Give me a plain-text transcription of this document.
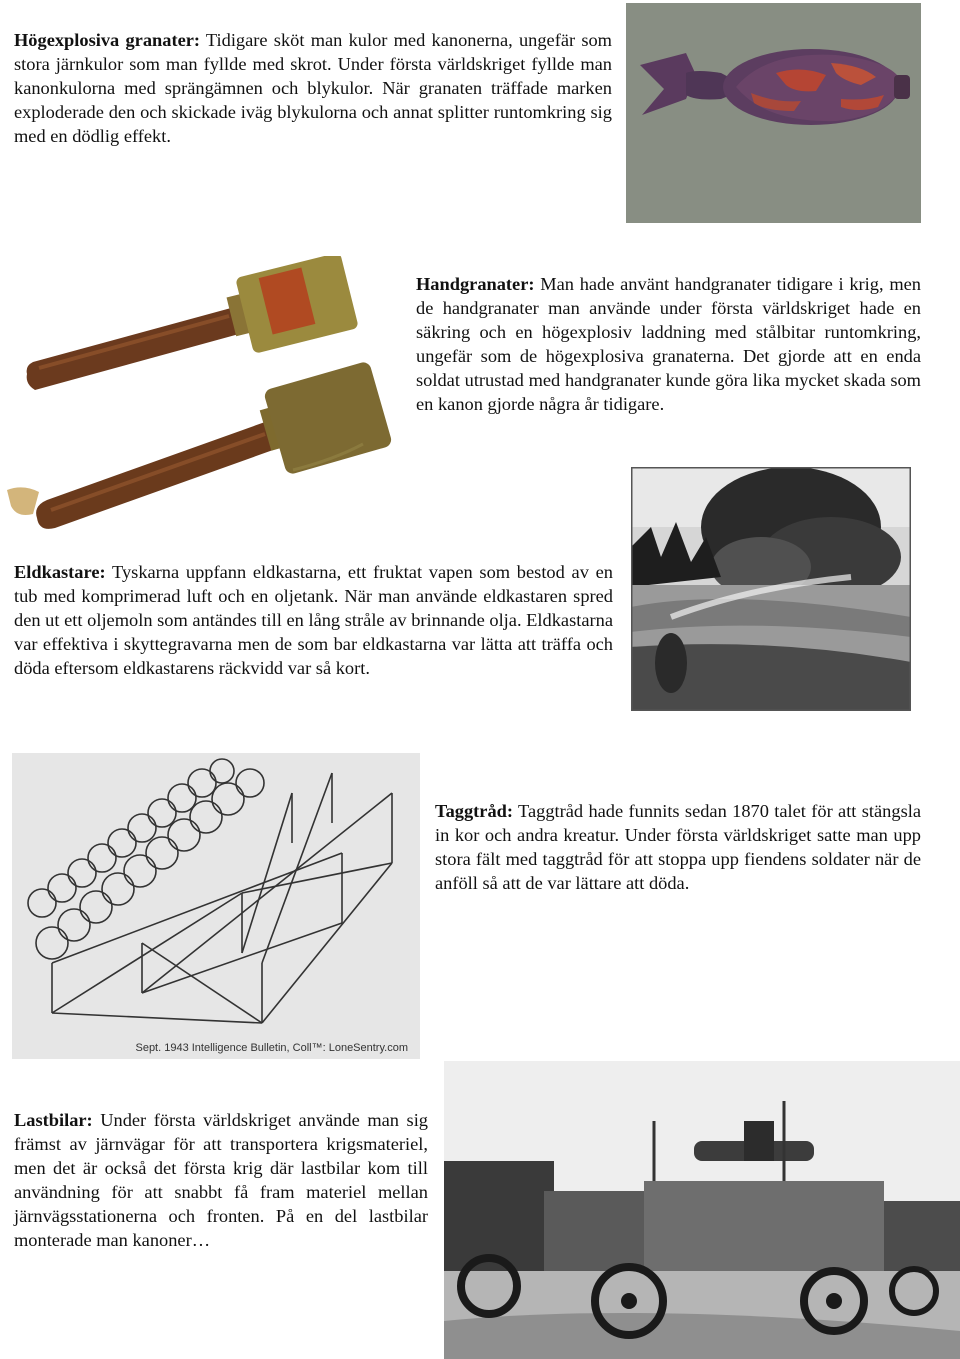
Högexplosiva granater: Tidigare sköt man kulor med kanonerna, ungefär som stora järnkulor som man fyllde med skrot. Under första världskriget fyllde man kanonkulorna med sprängämnen och blykulor. När granaten träffade marken exploderade den och skickade iväg blykulorna och annat splitter runtomkring sig med en dödlig effekt.

Handgranater: Man hade använt handgranater tidigare i krig, men de handgranater man använde under första världskriget hade en säkring och en högexplosiv laddning med stålbitar runtomkring, ungefär som de högexplosiva granaterna. Det gjorde att en enda soldat utrustad med handgranater kunde göra lika mycket skada som en kanon gjorde några år tidigare.

Eldkastare: Tyskarna uppfann eldkastarna, ett fruktat vapen som bestod av en tub med komprimerad luft och en oljetank. När man använde eldkastaren spred den ut ett oljemoln som antändes till en lång stråle av brinnande olja. Eldkastarna var effektiva i skyttegravarna men de som bar eldkastarna var lätta att träffa och döda eftersom eldkastarens räckvidd var så kort.

Sept. 1943 Intelligence Bulletin, Coll™: LoneSentry.com

Taggtråd: Taggtråd hade funnits sedan 1870 talet för att stängsla in kor och andra kreatur. Under första världskriget satte man upp stora fält med taggtråd för att stoppa upp fiendens soldater när de anföll så att de var lättare att döda.

Lastbilar: Under första världskriget använde man sig främst av järnvägar för att transportera krigsmateriel, men det är också det första krig där lastbilar kom till användning för att snabbt få fram materiel mellan järnvägsstationerna och fronten. På en del lastbilar monterade man kanoner…
